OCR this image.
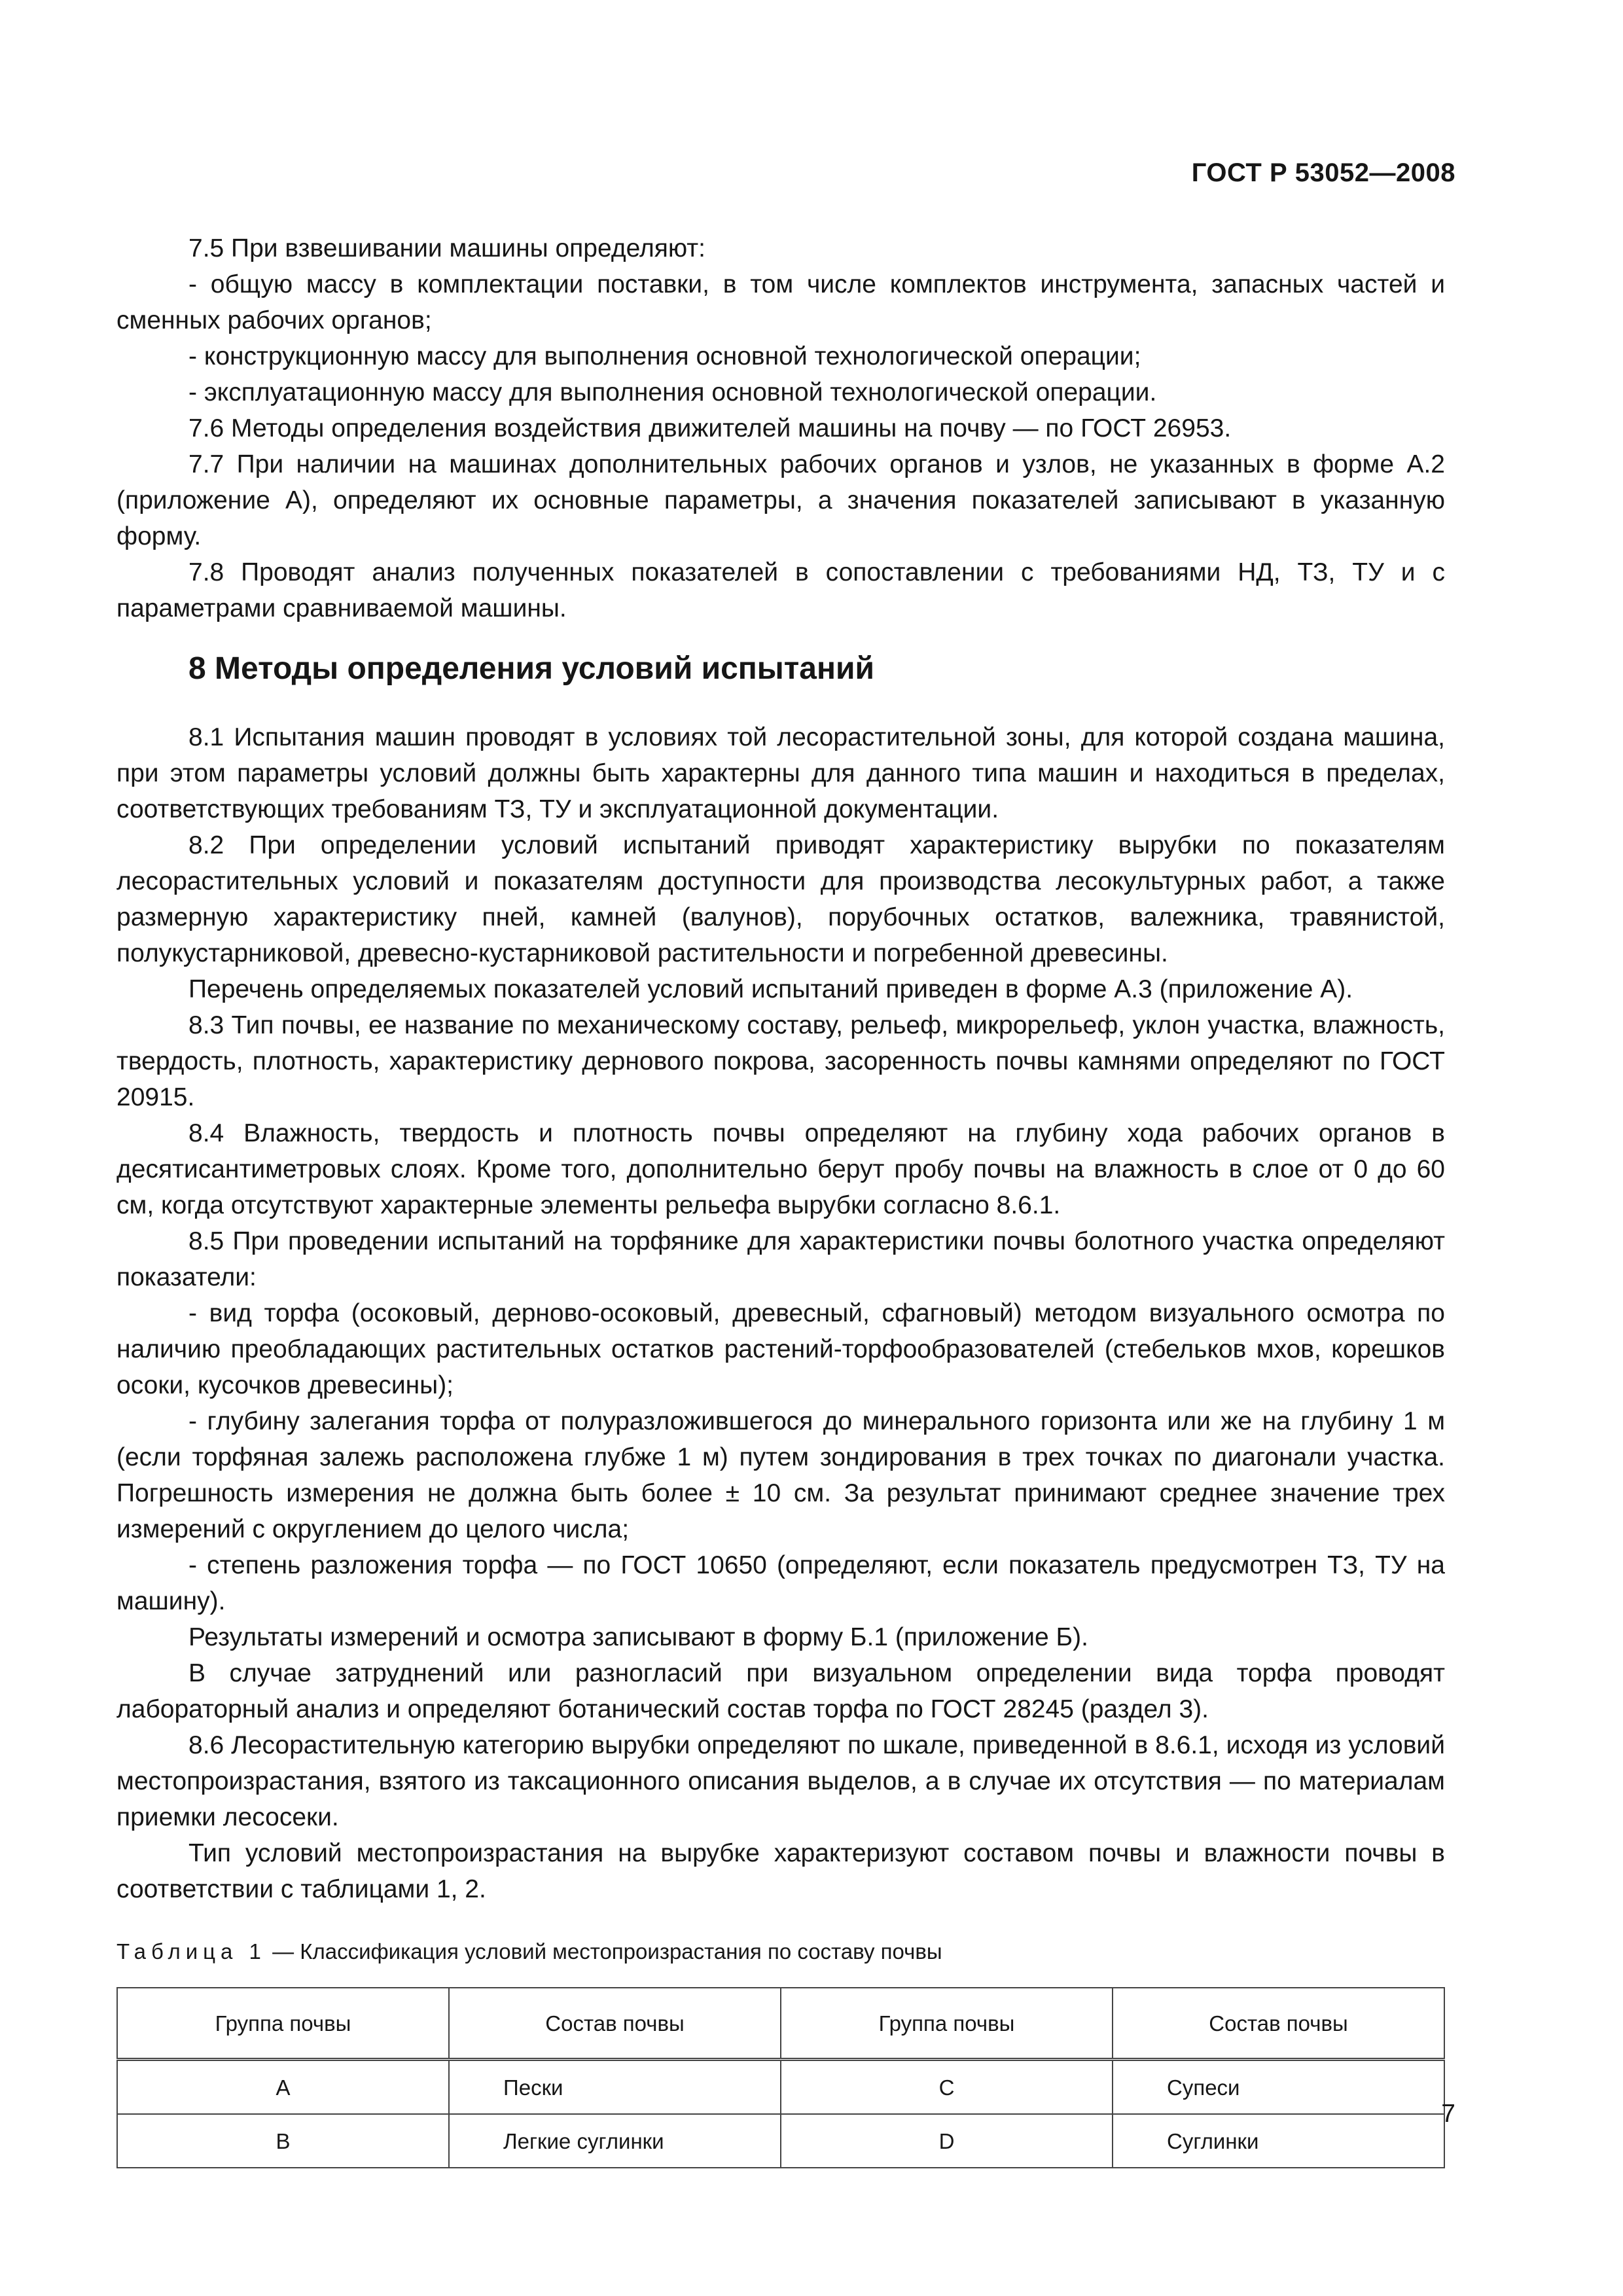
ГОСТ Р 53052—2008

7.5 При взвешивании машины определяют:

- общую массу в комплектации поставки, в том числе комплектов инструмента, запасных частей и сменных рабочих органов;

- конструкционную массу для выполнения основной технологической операции;

- эксплуатационную массу для выполнения основной технологической операции.

7.6 Методы определения воздействия движителей машины на почву — по ГОСТ 26953.

7.7 При наличии на машинах дополнительных рабочих органов и узлов, не указанных в форме А.2 (приложение А), определяют их основные параметры, а значения показателей записывают в указанную форму.

7.8 Проводят анализ полученных показателей в сопоставлении с требованиями НД, ТЗ, ТУ и с параметрами сравниваемой машины.

8 Методы определения условий испытаний

8.1 Испытания машин проводят в условиях той лесорастительной зоны, для которой создана машина, при этом параметры условий должны быть характерны для данного типа машин и находиться в пределах, соответствующих требованиям ТЗ, ТУ и эксплуатационной документации.

8.2 При определении условий испытаний приводят характеристику вырубки по показателям лесорастительных условий и показателям доступности для производства лесокультурных работ, а также размерную характеристику пней, камней (валунов), порубочных остатков, валежника, травянистой, полукустарниковой, древесно-кустарниковой растительности и погребенной древесины.

Перечень определяемых показателей условий испытаний приведен в форме А.3 (приложение А).

8.3 Тип почвы, ее название по механическому составу, рельеф, микрорельеф, уклон участка, влажность, твердость, плотность, характеристику дернового покрова, засоренность почвы камнями определяют по ГОСТ 20915.

8.4 Влажность, твердость и плотность почвы определяют на глубину хода рабочих органов в десятисантиметровых слоях. Кроме того, дополнительно берут пробу почвы на влажность в слое от 0 до 60 см, когда отсутствуют характерные элементы рельефа вырубки согласно 8.6.1.

8.5 При проведении испытаний на торфянике для характеристики почвы болотного участка определяют показатели:

- вид торфа (осоковый, дерново-осоковый, древесный, сфагновый) методом визуального осмотра по наличию преобладающих растительных остатков растений-торфообразователей (стебельков мхов, корешков осоки, кусочков древесины);

- глубину залегания торфа от полуразложившегося до минерального горизонта или же на глубину 1 м (если торфяная залежь расположена глубже 1 м) путем зондирования в трех точках по диагонали участка. Погрешность измерения не должна быть более ± 10 см. За результат принимают среднее значение трех измерений с округлением до целого числа;

- степень разложения торфа — по ГОСТ 10650 (определяют, если показатель предусмотрен ТЗ, ТУ на машину).

Результаты измерений и осмотра записывают в форму Б.1 (приложение Б).

В случае затруднений или разногласий при визуальном определении вида торфа проводят лабораторный анализ и определяют ботанический состав торфа по ГОСТ 28245 (раздел 3).

8.6 Лесорастительную категорию вырубки определяют по шкале, приведенной в 8.6.1, исходя из условий местопроизрастания, взятого из таксационного описания выделов, а в случае их отсутствия — по материалам приемки лесосеки.

Тип условий местопроизрастания на вырубке характеризуют составом почвы и влажности почвы в соответствии с таблицами 1, 2.

Таблица 1 — Классификация условий местопроизрастания по составу почвы
Группа почвы	Состав почвы	Группа почвы	Состав почвы
А	Пески	С	Супеси
В	Легкие суглинки	D	Суглинки
7
